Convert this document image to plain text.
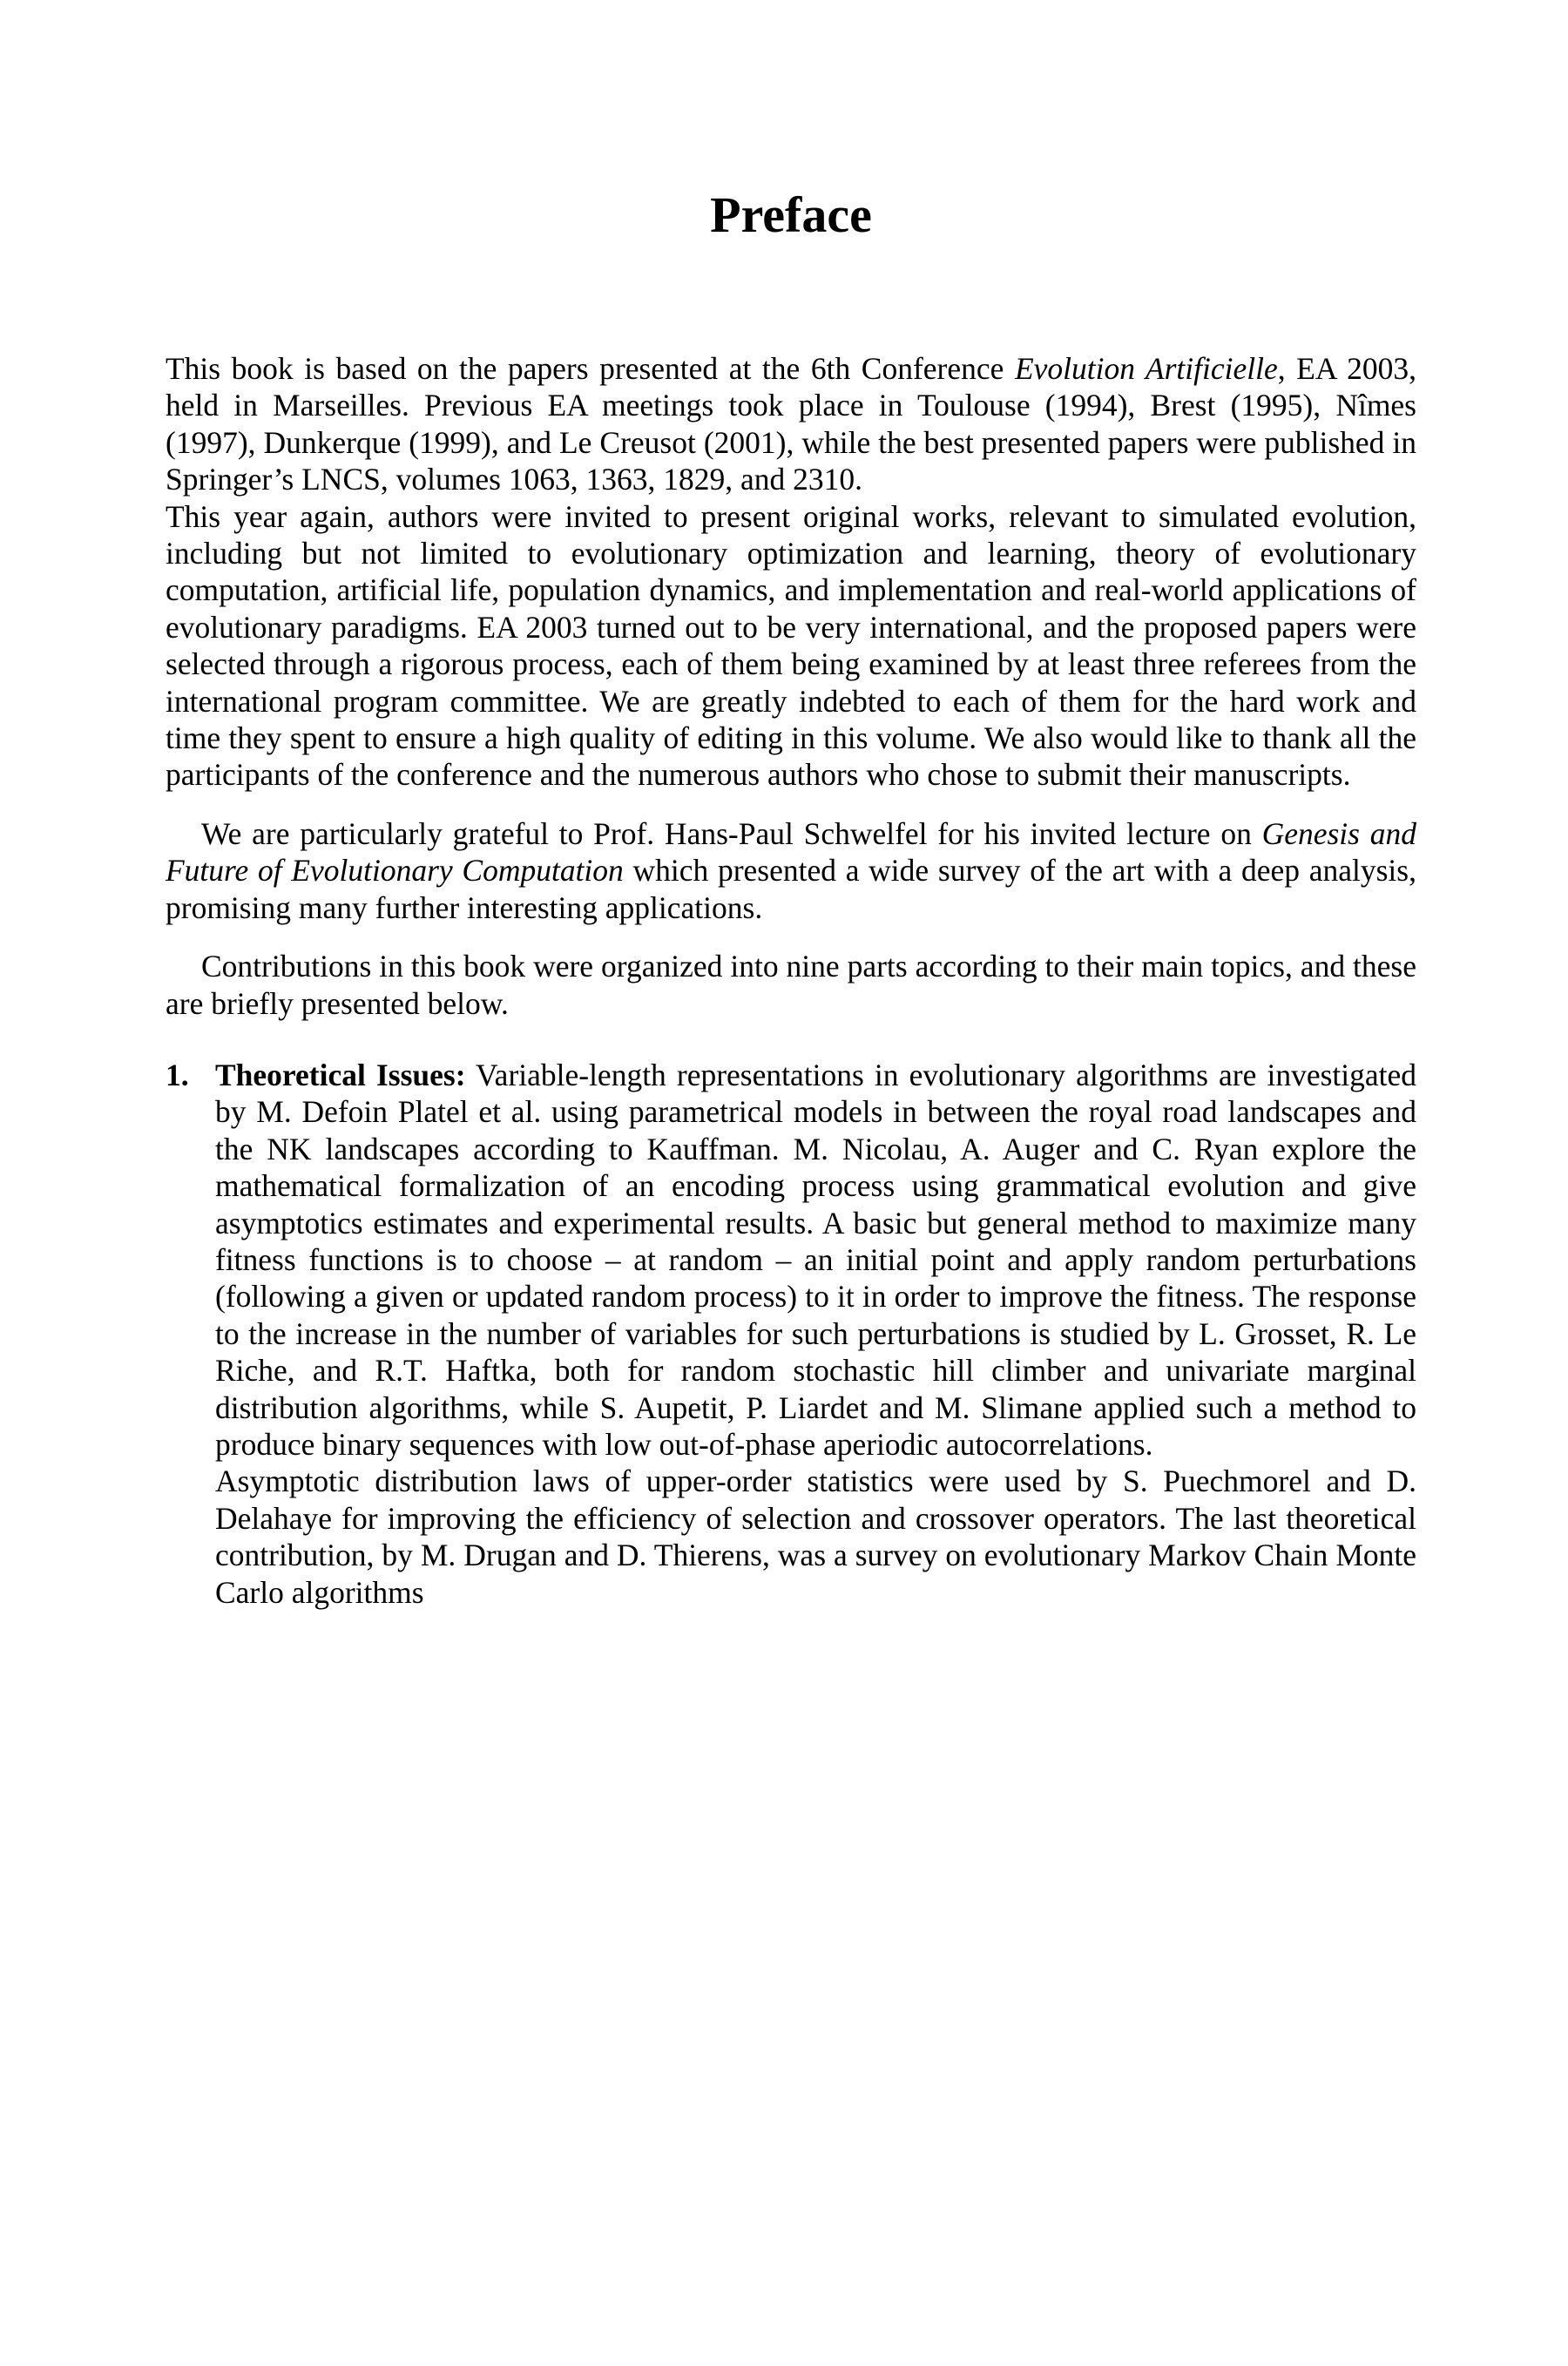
Preface

This book is based on the papers presented at the 6th Conference Evolution Artificielle, EA 2003, held in Marseilles. Previous EA meetings took place in Toulouse (1994), Brest (1995), Nîmes (1997), Dunkerque (1999), and Le Creusot (2001), while the best presented papers were published in Springer’s LNCS, volumes 1063, 1363, 1829, and 2310.

This year again, authors were invited to present original works, relevant to simulated evolution, including but not limited to evolutionary optimization and learning, theory of evolutionary computation, artificial life, population dynamics, and implementation and real-world applications of evolutionary paradigms. EA 2003 turned out to be very international, and the proposed papers were selected through a rigorous process, each of them being examined by at least three referees from the international program committee. We are greatly indebted to each of them for the hard work and time they spent to ensure a high quality of editing in this volume. We also would like to thank all the participants of the conference and the numerous authors who chose to submit their manuscripts.

We are particularly grateful to Prof. Hans-Paul Schwelfel for his invited lecture on Genesis and Future of Evolutionary Computation which presented a wide survey of the art with a deep analysis, promising many further interesting applications.

Contributions in this book were organized into nine parts according to their main topics, and these are briefly presented below.

1. Theoretical Issues: Variable-length representations in evolutionary algorithms are investigated by M. Defoin Platel et al. using parametrical models in between the royal road landscapes and the NK landscapes according to Kauffman. M. Nicolau, A. Auger and C. Ryan explore the mathematical formalization of an encoding process using grammatical evolution and give asymptotics estimates and experimental results. A basic but general method to maximize many fitness functions is to choose – at random – an initial point and apply random perturbations (following a given or updated random process) to it in order to improve the fitness. The response to the increase in the number of variables for such perturbations is studied by L. Grosset, R. Le Riche, and R.T. Haftka, both for random stochastic hill climber and univariate marginal distribution algorithms, while S. Aupetit, P. Liardet and M. Slimane applied such a method to produce binary sequences with low out-of-phase aperiodic autocorrelations.

Asymptotic distribution laws of upper-order statistics were used by S. Puechmorel and D. Delahaye for improving the efficiency of selection and crossover operators. The last theoretical contribution, by M. Drugan and D. Thierens, was a survey on evolutionary Markov Chain Monte Carlo algorithms
